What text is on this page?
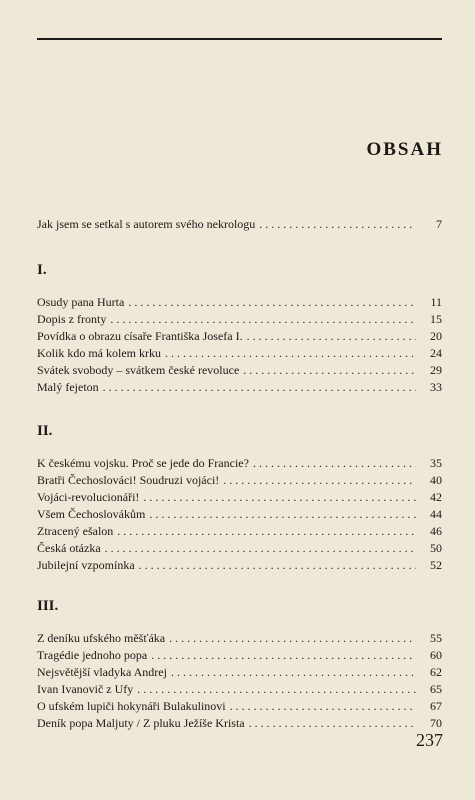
OBSAH
Jak jsem se setkal s autorem svého nekrologu . . .	7
I.
Osudy pana Hurta . . .	11
Dopis z fronty . . .	15
Povídka o obrazu císaře Františka Josefa I. . . .	20
Kolik kdo má kolem krku . . .	24
Svátek svobody – svátkem české revoluce . . .	29
Malý fejeton . . .	33
II.
K českému vojsku. Proč se jede do Francie? . . .	35
Bratři Čechoslováci! Soudruzi vojáci! . . .	40
Vojáci-revolucionáři! . . .	42
Všem Čechoslovákům . . .	44
Ztracený ešalon . . .	46
Česká otázka . . .	50
Jubilejní vzpomínka . . .	52
III.
Z deníku ufského měšťáka . . .	55
Tragédie jednoho popa . . .	60
Nejsvětější vladyka Andrej . . .	62
Ivan Ivanovič z Ufy . . .	65
O ufském lupiči hokynáři Bulakulinovi . . .	67
Deník popa Maljuty / Z pluku Ježíše Krista . . .	70
237
